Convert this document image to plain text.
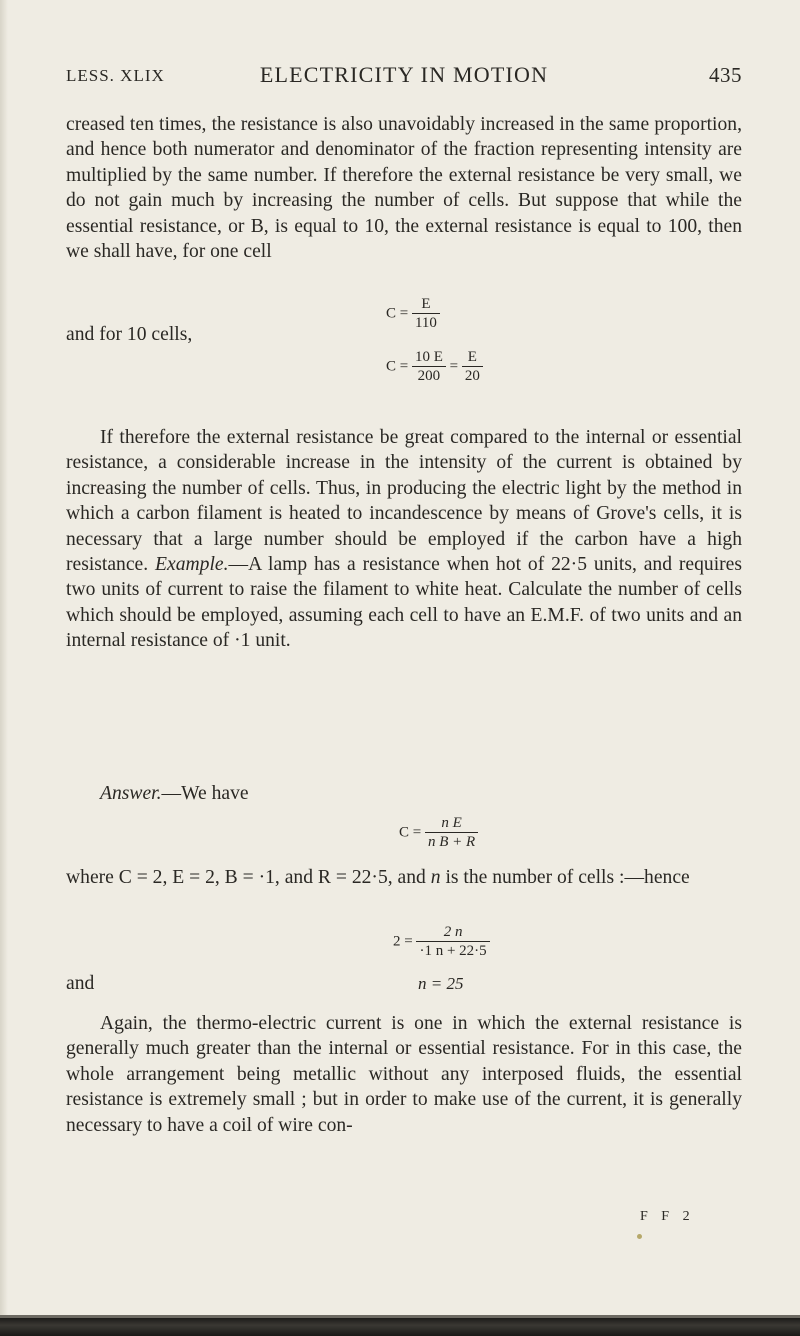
LESS. XLIX	ELECTRICITY IN MOTION	435

creased ten times, the resistance is also unavoidably increased in the same proportion, and hence both numerator and denominator of the fraction representing intensity are multiplied by the same number. If therefore the external resistance be very small, we do not gain much by increasing the number of cells. But suppose that while the essential resistance, or B, is equal to 10, the external resistance is equal to 100, then we shall have, for one cell

$C = \frac{E}{110}$
and for 10 cells,
$C = \frac{10 E}{200} = \frac{E}{20}$
If therefore the external resistance be great compared to the internal or essential resistance, a considerable increase in the intensity of the current is obtained by increasing the number of cells. Thus, in producing the electric light by the method in which a carbon filament is heated to incandescence by means of Grove's cells, it is necessary that a large number should be employed if the carbon have a high resistance. Example.—A lamp has a resistance when hot of 22·5 units, and requires two units of current to raise the filament to white heat. Calculate the number of cells which should be employed, assuming each cell to have an E.M.F. of two units and an internal resistance of ·1 unit.
Answer.—We have
$C = \frac{\text{n E}}{\text{n B + R}}$

where C = 2, E = 2, B = ·1, and R = 22·5, and n is the number of cells :—hence

$2 = \frac{2 n}{\cdot 1 n + 22\cdot 5}$
and	n = 25

Again, the thermo-electric current is one in which the external resistance is generally much greater than the internal or essential resistance. For in this case, the whole arrangement being metallic without any interposed fluids, the essential resistance is extremely small ; but in order to make use of the current, it is generally necessary to have a coil of wire con-

F F 2
